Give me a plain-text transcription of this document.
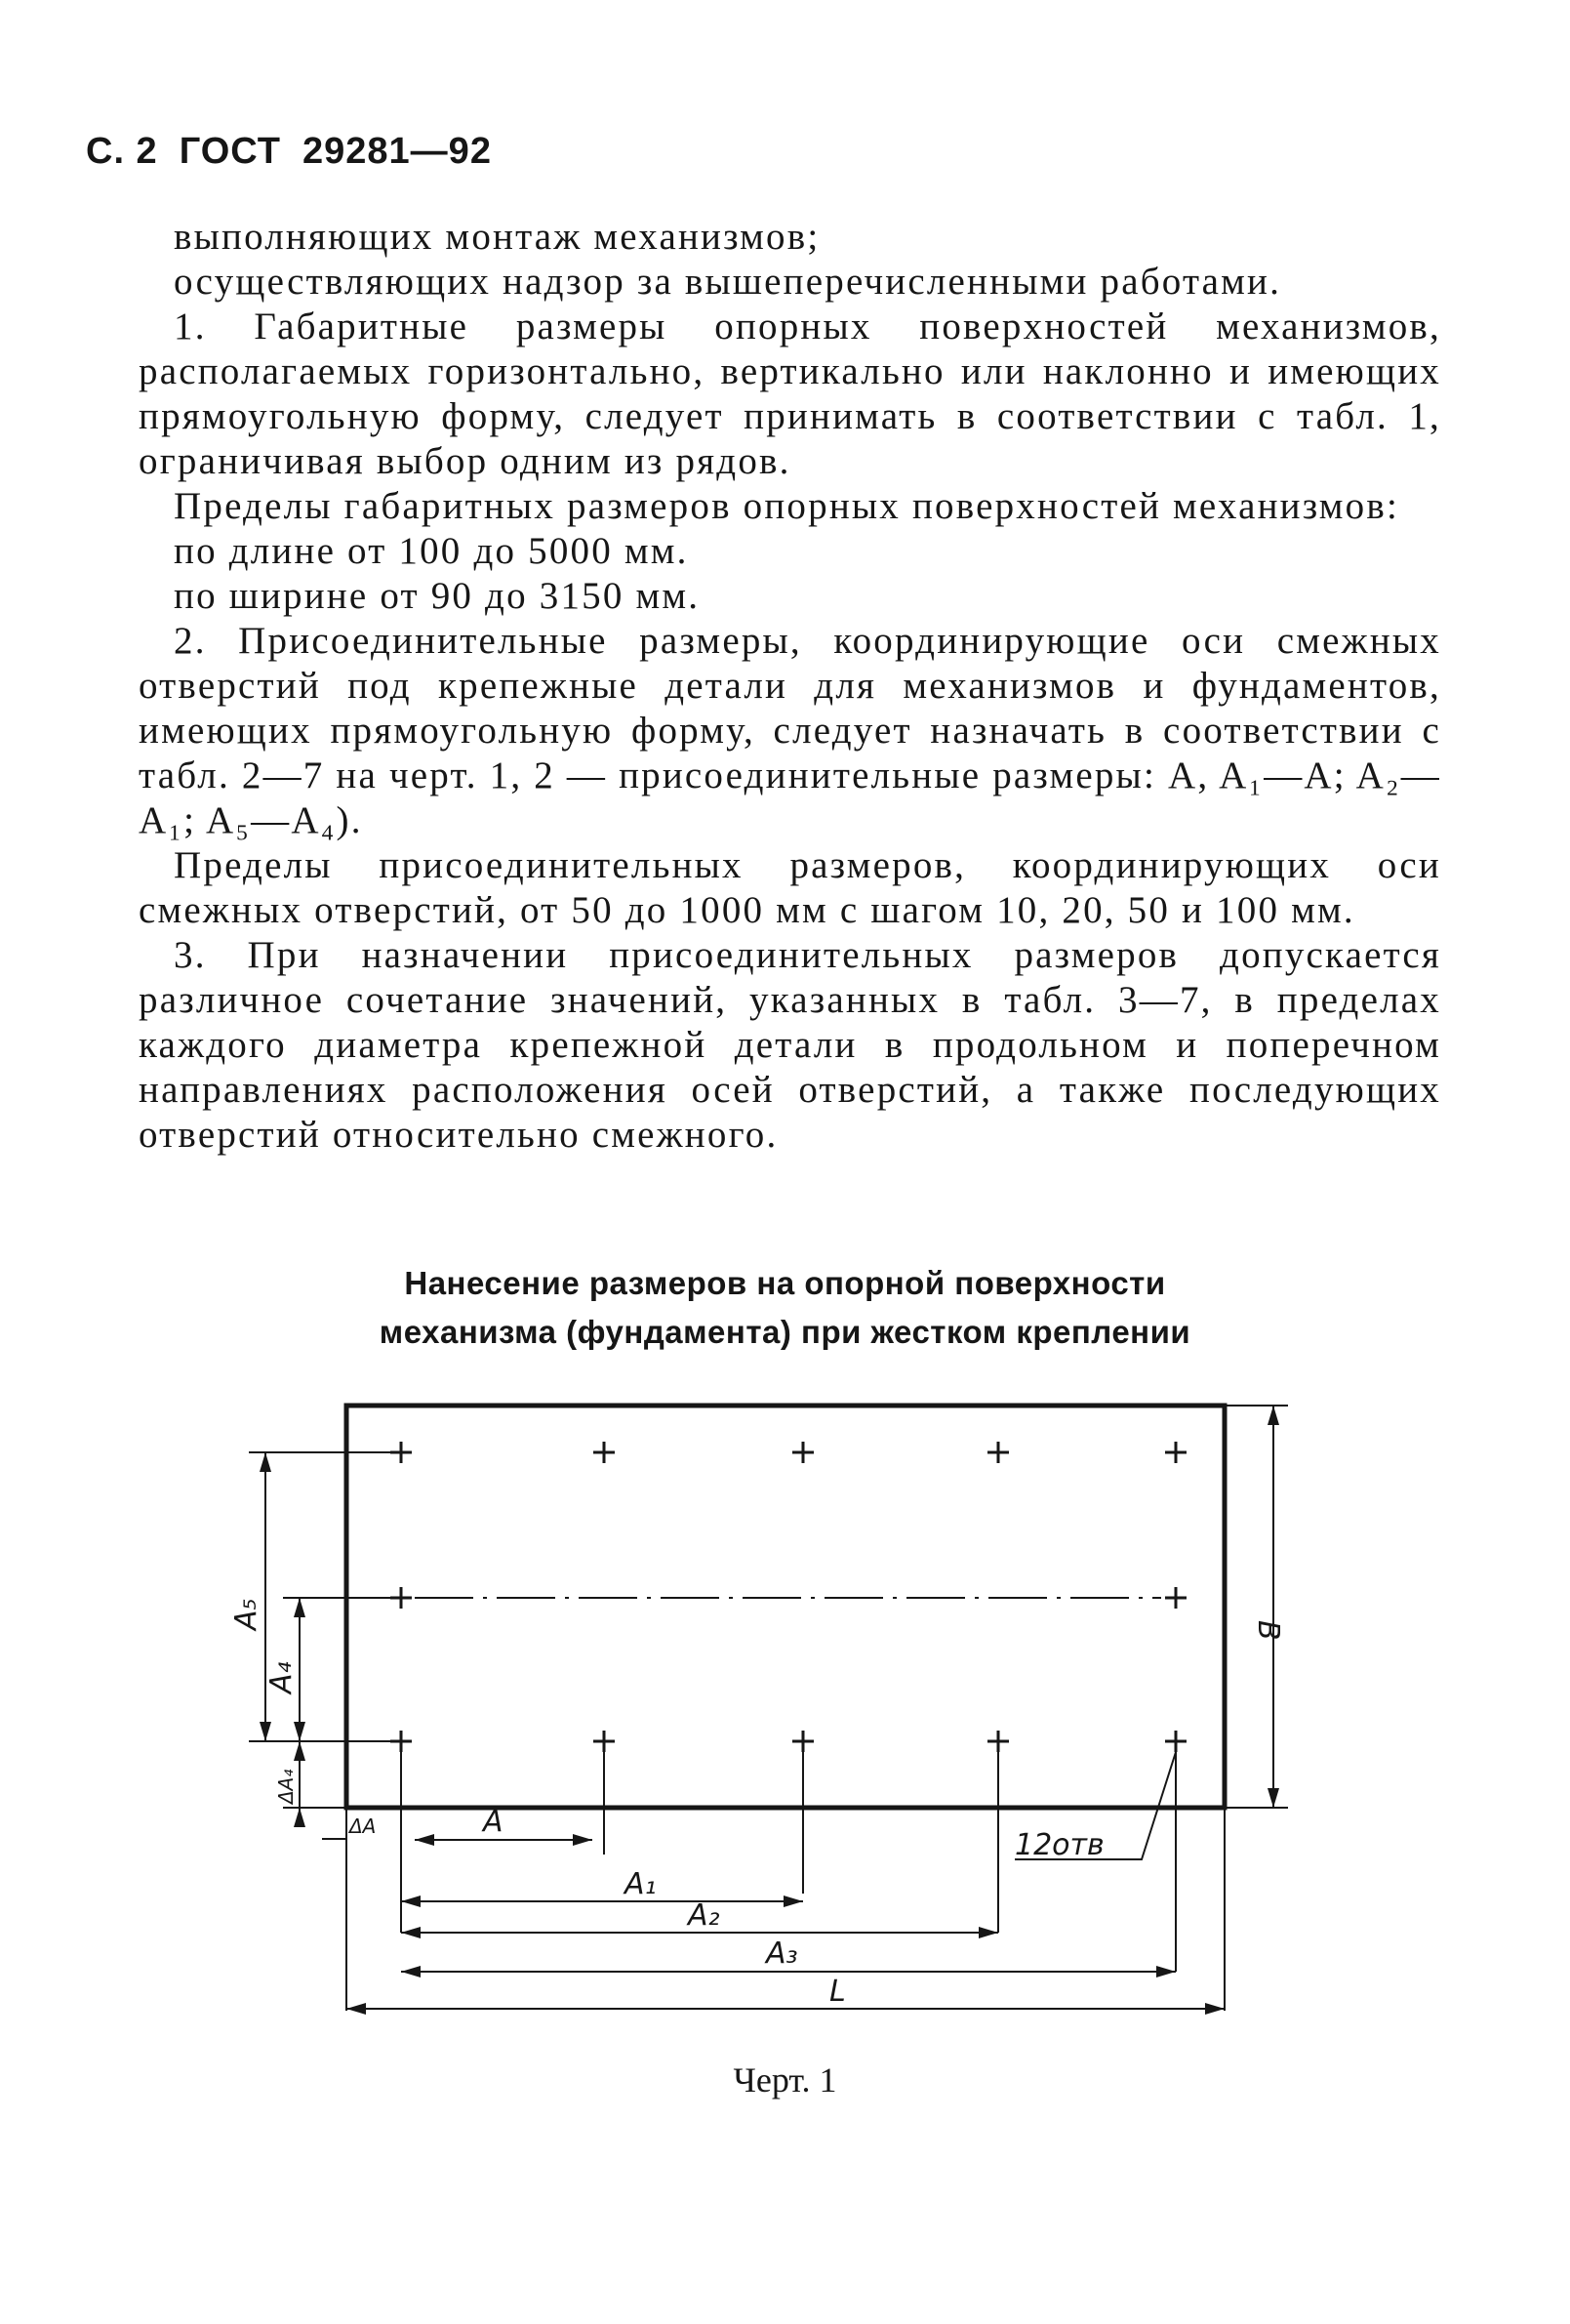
С. 2 ГОСТ 29281—92

выполняющих монтаж механизмов;

осуществляющих надзор за вышеперечисленными работами.

1. Габаритные размеры опорных поверхностей механизмов, располагаемых горизонтально, вертикально или наклонно и имеющих прямоугольную форму, следует принимать в соответствии с табл. 1, ограничивая выбор одним из рядов.

Пределы габаритных размеров опорных поверхностей механизмов:

по длине от 100 до 5000 мм.

по ширине от 90 до 3150 мм.

2. Присоединительные размеры, координирующие оси смежных отверстий под крепежные детали для механизмов и фундаментов, имеющих прямоугольную форму, следует назначать в соответствии с табл. 2—7 на черт. 1, 2 — присоединительные размеры: A, A₁—A; A₂—A₁; A₅—A₄).

Пределы присоединительных размеров, координирующих оси смежных отверстий, от 50 до 1000 мм с шагом 10, 20, 50 и 100 мм.

3. При назначении присоединительных размеров допускается различное сочетание значений, указанных в табл. 3—7, в пределах каждого диаметра крепежной детали в продольном и поперечном направлениях расположения осей отверстий, а также последующих отверстий относительно смежного.

Нанесение размеров на опорной поверхности
механизма (фундамента) при жестком креплении
A
A₁
A₂
A₃
L
12отв
ΔA
B
A₅
A₄
ΔA₄
Черт. 1
